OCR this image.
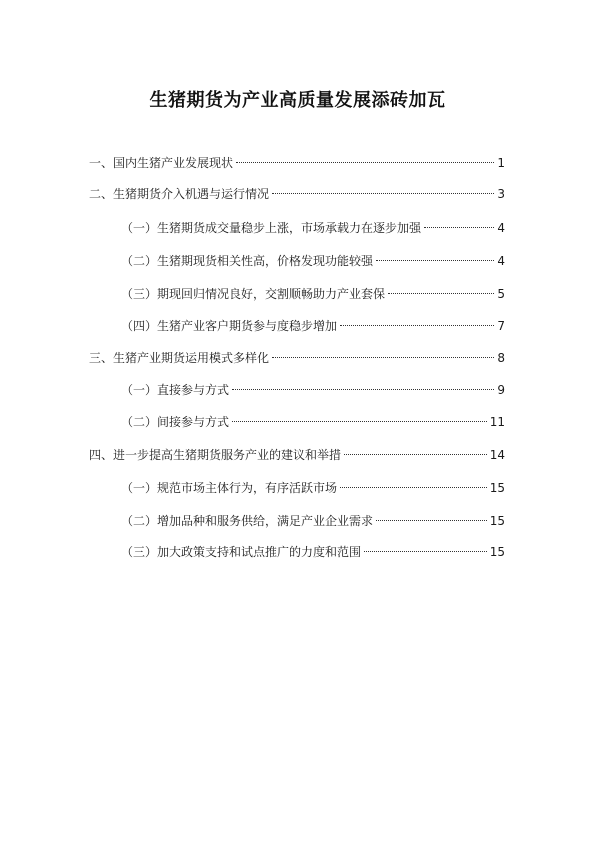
生猪期货为产业高质量发展添砖加瓦
一、国内生猪产业发展现状	1
二、生猪期货介入机遇与运行情况	3
（一）生猪期货成交量稳步上涨，市场承载力在逐步加强	4
（二）生猪期现货相关性高，价格发现功能较强	4
（三）期现回归情况良好，交割顺畅助力产业套保	5
（四）生猪产业客户期货参与度稳步增加	7
三、生猪产业期货运用模式多样化	8
（一）直接参与方式	9
（二）间接参与方式	11
四、进一步提高生猪期货服务产业的建议和举措	14
（一）规范市场主体行为，有序活跃市场	15
（二）增加品种和服务供给，满足产业企业需求	15
（三）加大政策支持和试点推广的力度和范围	15
